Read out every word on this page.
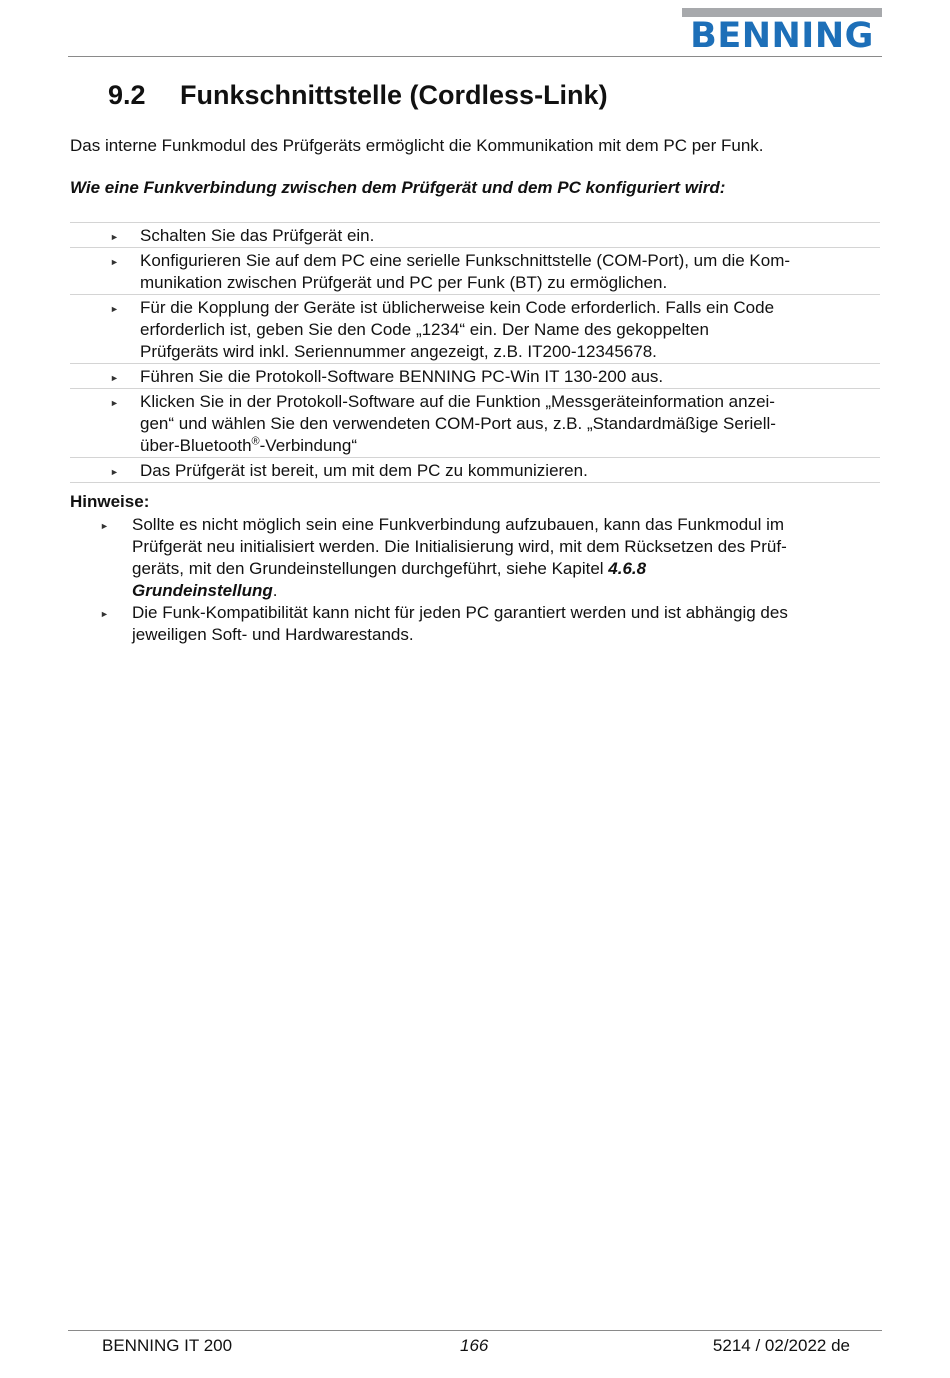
BENNING
9.2 Funkschnittstelle (Cordless-Link)
Das interne Funkmodul des Prüfgeräts ermöglicht die Kommunikation mit dem PC per Funk.
Wie eine Funkverbindung zwischen dem Prüfgerät und dem PC konfiguriert wird:
► Schalten Sie das Prüfgerät ein.
► Konfigurieren Sie auf dem PC eine serielle Funkschnittstelle (COM-Port), um die Kom-
munikation zwischen Prüfgerät und PC per Funk (BT) zu ermöglichen.
► Für die Kopplung der Geräte ist üblicherweise kein Code erforderlich. Falls ein Code
erforderlich ist, geben Sie den Code „1234“ ein. Der Name des gekoppelten
Prüfgeräts wird inkl. Seriennummer angezeigt, z.B. IT200-12345678.
► Führen Sie die Protokoll-Software BENNING PC-Win IT 130-200 aus.
► Klicken Sie in der Protokoll-Software auf die Funktion „Messgeräteinformation anzei-
gen“ und wählen Sie den verwendeten COM-Port aus, z.B. „Standardmäßige Seriell-
über-Bluetooth®-Verbindung“
► Das Prüfgerät ist bereit, um mit dem PC zu kommunizieren.
Hinweise:
► Sollte es nicht möglich sein eine Funkverbindung aufzubauen, kann das Funkmodul im
Prüfgerät neu initialisiert werden. Die Initialisierung wird, mit dem Rücksetzen des Prüf-
geräts, mit den Grundeinstellungen durchgeführt, siehe Kapitel 4.6.8
Grundeinstellung.
► Die Funk-Kompatibilität kann nicht für jeden PC garantiert werden und ist abhängig des
jeweiligen Soft- und Hardwarestands.
BENNING IT 200	166	5214 / 02/2022 de
